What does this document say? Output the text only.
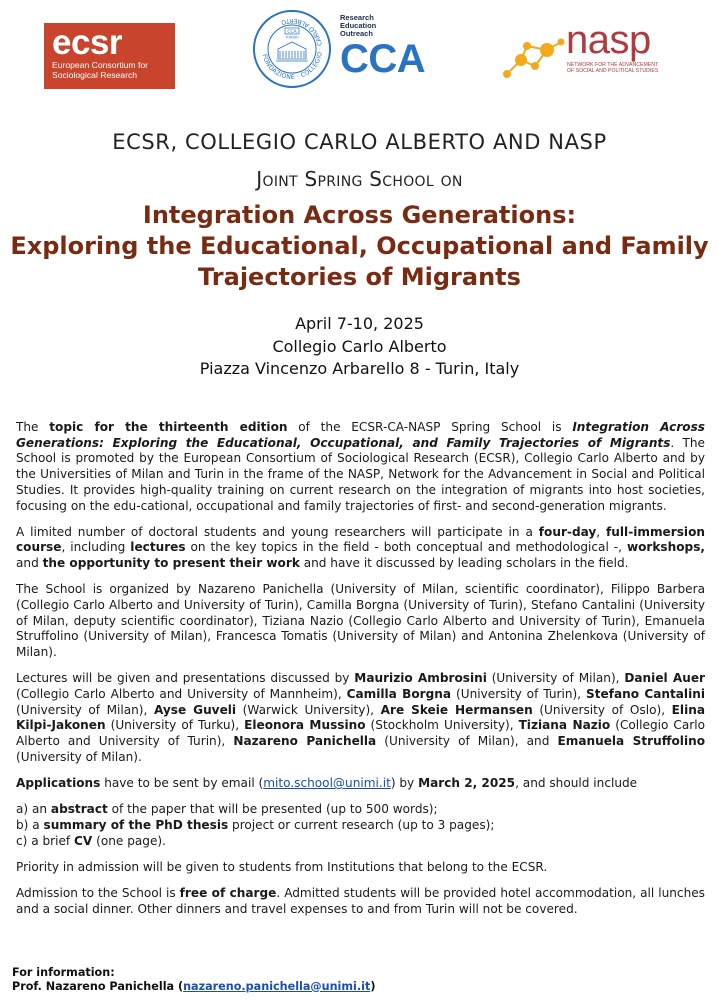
ecsr
European Consortium for
Sociological Research
FONDAZIONE · COLLEGIO · CARLO ALBERTO
CCA
TORINO
Research
Education
Outreach
CCA	nasp
NETWORK FOR THE ADVANCEMENT
OF SOCIAL AND POLITICAL STUDIES
ECSR, COLLEGIO CARLO ALBERTO AND NASP
Joint Spring School on
Integration Across Generations:
Exploring the Educational, Occupational and Family
Trajectories of Migrants
April 7-10, 2025
Collegio Carlo Alberto
Piazza Vincenzo Arbarello 8 - Turin, Italy

The topic for the thirteenth edition of the ECSR-CA-NASP Spring School is Integration Across Generations: Exploring the Educational, Occupational, and Family Trajectories of Migrants. The School is promoted by the European Consortium of Sociological Research (ECSR), Collegio Carlo Alberto and by the Universities of Milan and Turin in the frame of the NASP, Network for the Advancement in Social and Political Studies. It provides high-quality training on current research on the integration of migrants into host societies, focusing on the edu-cational, occupational and family trajectories of first- and second-generation migrants.

A limited number of doctoral students and young researchers will participate in a four-day, full-immersion course, including lectures on the key topics in the field - both conceptual and methodological -, workshops, and the opportunity to present their work and have it discussed by leading scholars in the field.

The School is organized by Nazareno Panichella (University of Milan, scientific coordinator), Filippo Barbera (Collegio Carlo Alberto and University of Turin), Camilla Borgna (University of Turin), Stefano Cantalini (University of Milan, deputy scientific coordinator), Tiziana Nazio (Collegio Carlo Alberto and University of Turin), Emanuela Struffolino (University of Milan), Francesca Tomatis (University of Milan) and Antonina Zhelenkova (University of Milan).

Lectures will be given and presentations discussed by Maurizio Ambrosini (University of Milan), Daniel Auer (Collegio Carlo Alberto and University of Mannheim), Camilla Borgna (University of Turin), Stefano Cantalini (University of Milan), Ayse Guveli (Warwick University), Are Skeie Hermansen (University of Oslo), Elina Kilpi-Jakonen (University of Turku), Eleonora Mussino (Stockholm University), Tiziana Nazio (Collegio Carlo Alberto and University of Turin), Nazareno Panichella (University of Milan), and Emanuela Struffolino (University of Milan).

Applications have to be sent by email (mito.school@unimi.it) by March 2, 2025, and should include

a) an abstract of the paper that will be presented (up to 500 words);

b) a summary of the PhD thesis project or current research (up to 3 pages);

c) a brief CV (one page).

Priority in admission will be given to students from Institutions that belong to the ECSR.

Admission to the School is free of charge. Admitted students will be provided hotel accommodation, all lunches and a social dinner. Other dinners and travel expenses to and from Turin will not be covered.

For information:
Prof. Nazareno Panichella (nazareno.panichella@unimi.it)
